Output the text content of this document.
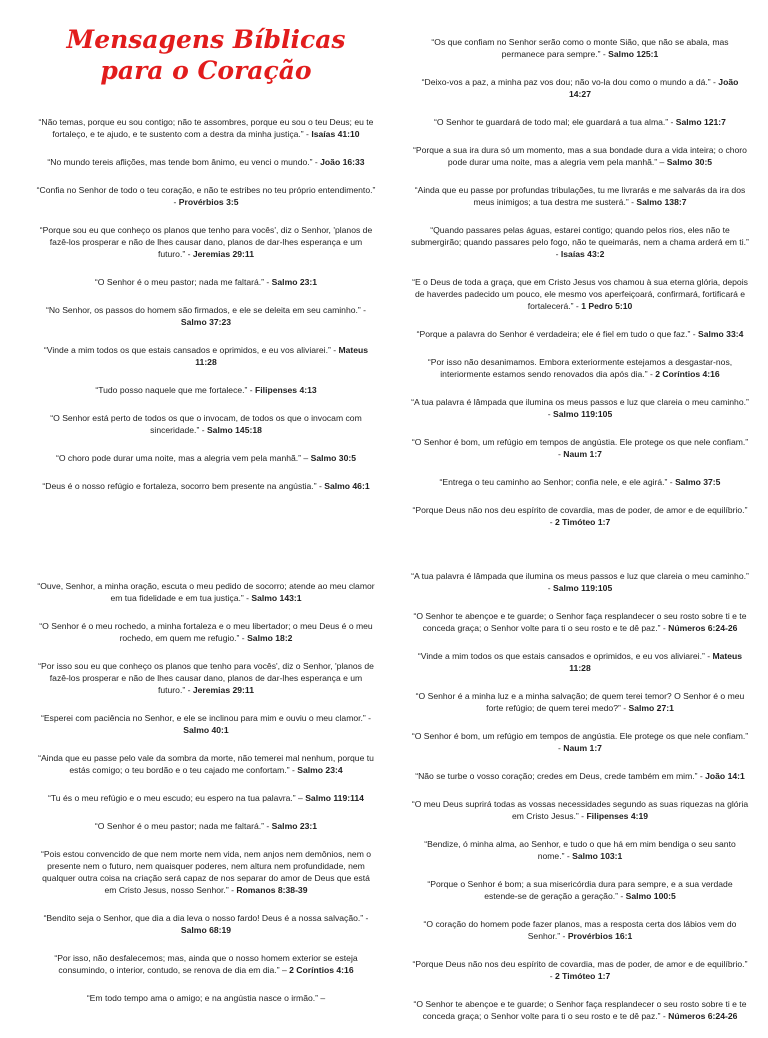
Mensagens Bíblicas
para o Coração

“Não temas, porque eu sou contigo; não te assombres, porque eu sou o teu Deus; eu te fortaleço, e te ajudo, e te sustento com a destra da minha justiça.” - Isaías 41:10

“No mundo tereis aflições, mas tende bom ânimo, eu venci o mundo.” - João 16:33

“Confia no Senhor de todo o teu coração, e não te estribes no teu próprio entendimento.” - Provérbios 3:5

“Porque sou eu que conheço os planos que tenho para vocês', diz o Senhor, 'planos de fazê-los prosperar e não de lhes causar dano, planos de dar-lhes esperança e um futuro.” - Jeremias 29:11

“O Senhor é o meu pastor; nada me faltará.” - Salmo 23:1

“No Senhor, os passos do homem são firmados, e ele se deleita em seu caminho.” - Salmo 37:23

“Vinde a mim todos os que estais cansados e oprimidos, e eu vos aliviarei.” - Mateus 11:28

“Tudo posso naquele que me fortalece.” - Filipenses 4:13

“O Senhor está perto de todos os que o invocam, de todos os que o invocam com sinceridade.” - Salmo 145:18

“O choro pode durar uma noite, mas a alegria vem pela manhã.” – Salmo 30:5

“Deus é o nosso refúgio e fortaleza, socorro bem presente na angústia.” - Salmo 46:1

“Os que confiam no Senhor serão como o monte Sião, que não se abala, mas permanece para sempre.” - Salmo 125:1

“Deixo-vos a paz, a minha paz vos dou; não vo-la dou como o mundo a dá.” - João 14:27

“O Senhor te guardará de todo mal; ele guardará a tua alma.” - Salmo 121:7

“Porque a sua ira dura só um momento, mas a sua bondade dura a vida inteira; o choro pode durar uma noite, mas a alegria vem pela manhã.” – Salmo 30:5

“Ainda que eu passe por profundas tribulações, tu me livrarás e me salvarás da ira dos meus inimigos; a tua destra me susterá.” - Salmo 138:7

“Quando passares pelas águas, estarei contigo; quando pelos rios, eles não te submergirão; quando passares pelo fogo, não te queimarás, nem a chama arderá em ti.” - Isaías 43:2

“E o Deus de toda a graça, que em Cristo Jesus vos chamou à sua eterna glória, depois de haverdes padecido um pouco, ele mesmo vos aperfeiçoará, confirmará, fortificará e fortalecerá.” - 1 Pedro 5:10

“Porque a palavra do Senhor é verdadeira; ele é fiel em tudo o que faz.” - Salmo 33:4

“Por isso não desanimamos. Embora exteriormente estejamos a desgastar-nos, interiormente estamos sendo renovados dia após dia.” - 2 Coríntios 4:16

“A tua palavra é lâmpada que ilumina os meus passos e luz que clareia o meu caminho.” - Salmo 119:105

“O Senhor é bom, um refúgio em tempos de angústia. Ele protege os que nele confiam.” - Naum 1:7

“Entrega o teu caminho ao Senhor; confia nele, e ele agirá.” - Salmo 37:5

“Porque Deus não nos deu espírito de covardia, mas de poder, de amor e de equilíbrio.” - 2 Timóteo 1:7

“Ouve, Senhor, a minha oração, escuta o meu pedido de socorro; atende ao meu clamor em tua fidelidade e em tua justiça.” - Salmo 143:1

“O Senhor é o meu rochedo, a minha fortaleza e o meu libertador; o meu Deus é o meu rochedo, em quem me refugio.” - Salmo 18:2

“Por isso sou eu que conheço os planos que tenho para vocês', diz o Senhor, 'planos de fazê-los prosperar e não de lhes causar dano, planos de dar-lhes esperança e um futuro.” - Jeremias 29:11

“Esperei com paciência no Senhor, e ele se inclinou para mim e ouviu o meu clamor.” - Salmo 40:1

“Ainda que eu passe pelo vale da sombra da morte, não temerei mal nenhum, porque tu estás comigo; o teu bordão e o teu cajado me confortam.” - Salmo 23:4

“Tu és o meu refúgio e o meu escudo; eu espero na tua palavra.” – Salmo 119:114

“O Senhor é o meu pastor; nada me faltará.” - Salmo 23:1

“Pois estou convencido de que nem morte nem vida, nem anjos nem demônios, nem o presente nem o futuro, nem quaisquer poderes, nem altura nem profundidade, nem qualquer outra coisa na criação será capaz de nos separar do amor de Deus que está em Cristo Jesus, nosso Senhor.” - Romanos 8:38-39

“Bendito seja o Senhor, que dia a dia leva o nosso fardo! Deus é a nossa salvação.” - Salmo 68:19

“Por isso, não desfalecemos; mas, ainda que o nosso homem exterior se esteja consumindo, o interior, contudo, se renova de dia em dia.” – 2 Coríntios 4:16

“Em todo tempo ama o amigo; e na angústia nasce o irmão.” –

“A tua palavra é lâmpada que ilumina os meus passos e luz que clareia o meu caminho.” - Salmo 119:105

“O Senhor te abençoe e te guarde; o Senhor faça resplandecer o seu rosto sobre ti e te conceda graça; o Senhor volte para ti o seu rosto e te dê paz.” - Números 6:24-26

“Vinde a mim todos os que estais cansados e oprimidos, e eu vos aliviarei.” - Mateus 11:28

“O Senhor é a minha luz e a minha salvação; de quem terei temor? O Senhor é o meu forte refúgio; de quem terei medo?” - Salmo 27:1

“O Senhor é bom, um refúgio em tempos de angústia. Ele protege os que nele confiam.” - Naum 1:7

“Não se turbe o vosso coração; credes em Deus, crede também em mim.” - João 14:1

“O meu Deus suprirá todas as vossas necessidades segundo as suas riquezas na glória em Cristo Jesus.” - Filipenses 4:19

“Bendize, ó minha alma, ao Senhor, e tudo o que há em mim bendiga o seu santo nome.” - Salmo 103:1

“Porque o Senhor é bom; a sua misericórdia dura para sempre, e a sua verdade estende-se de geração a geração.” - Salmo 100:5

“O coração do homem pode fazer planos, mas a resposta certa dos lábios vem do Senhor.” - Provérbios 16:1

“Porque Deus não nos deu espírito de covardia, mas de poder, de amor e de equilíbrio.” - 2 Timóteo 1:7

“O Senhor te abençoe e te guarde; o Senhor faça resplandecer o seu rosto sobre ti e te conceda graça; o Senhor volte para ti o seu rosto e te dê paz.” - Números 6:24-26
